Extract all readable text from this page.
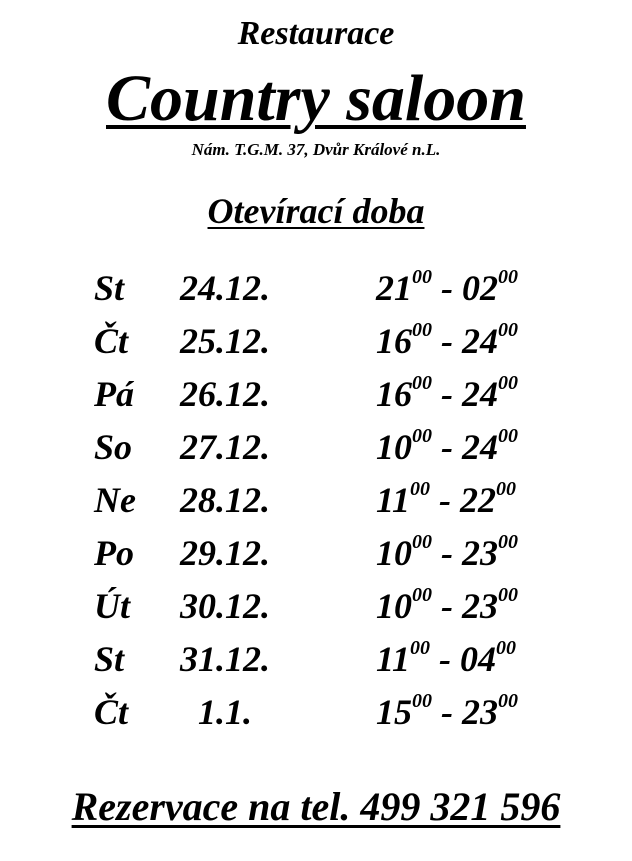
Restaurace
Country saloon
Nám. T.G.M. 37, Dvůr Králové n.L.
Otevírací doba
St	24.12.	$21^{00} - 02^{00}$
Čt	25.12.	$16^{00} - 24^{00}$
Pá	26.12.	$16^{00} - 24^{00}$
So	27.12.	$10^{00} - 24^{00}$
Ne	28.12.	$11^{00} - 22^{00}$
Po	29.12.	$10^{00} - 23^{00}$
Út	30.12.	$10^{00} - 23^{00}$
St	31.12.	$11^{00} - 04^{00}$
Čt	1.1.	$15^{00} - 23^{00}$
Rezervace na tel. 499 321 596
